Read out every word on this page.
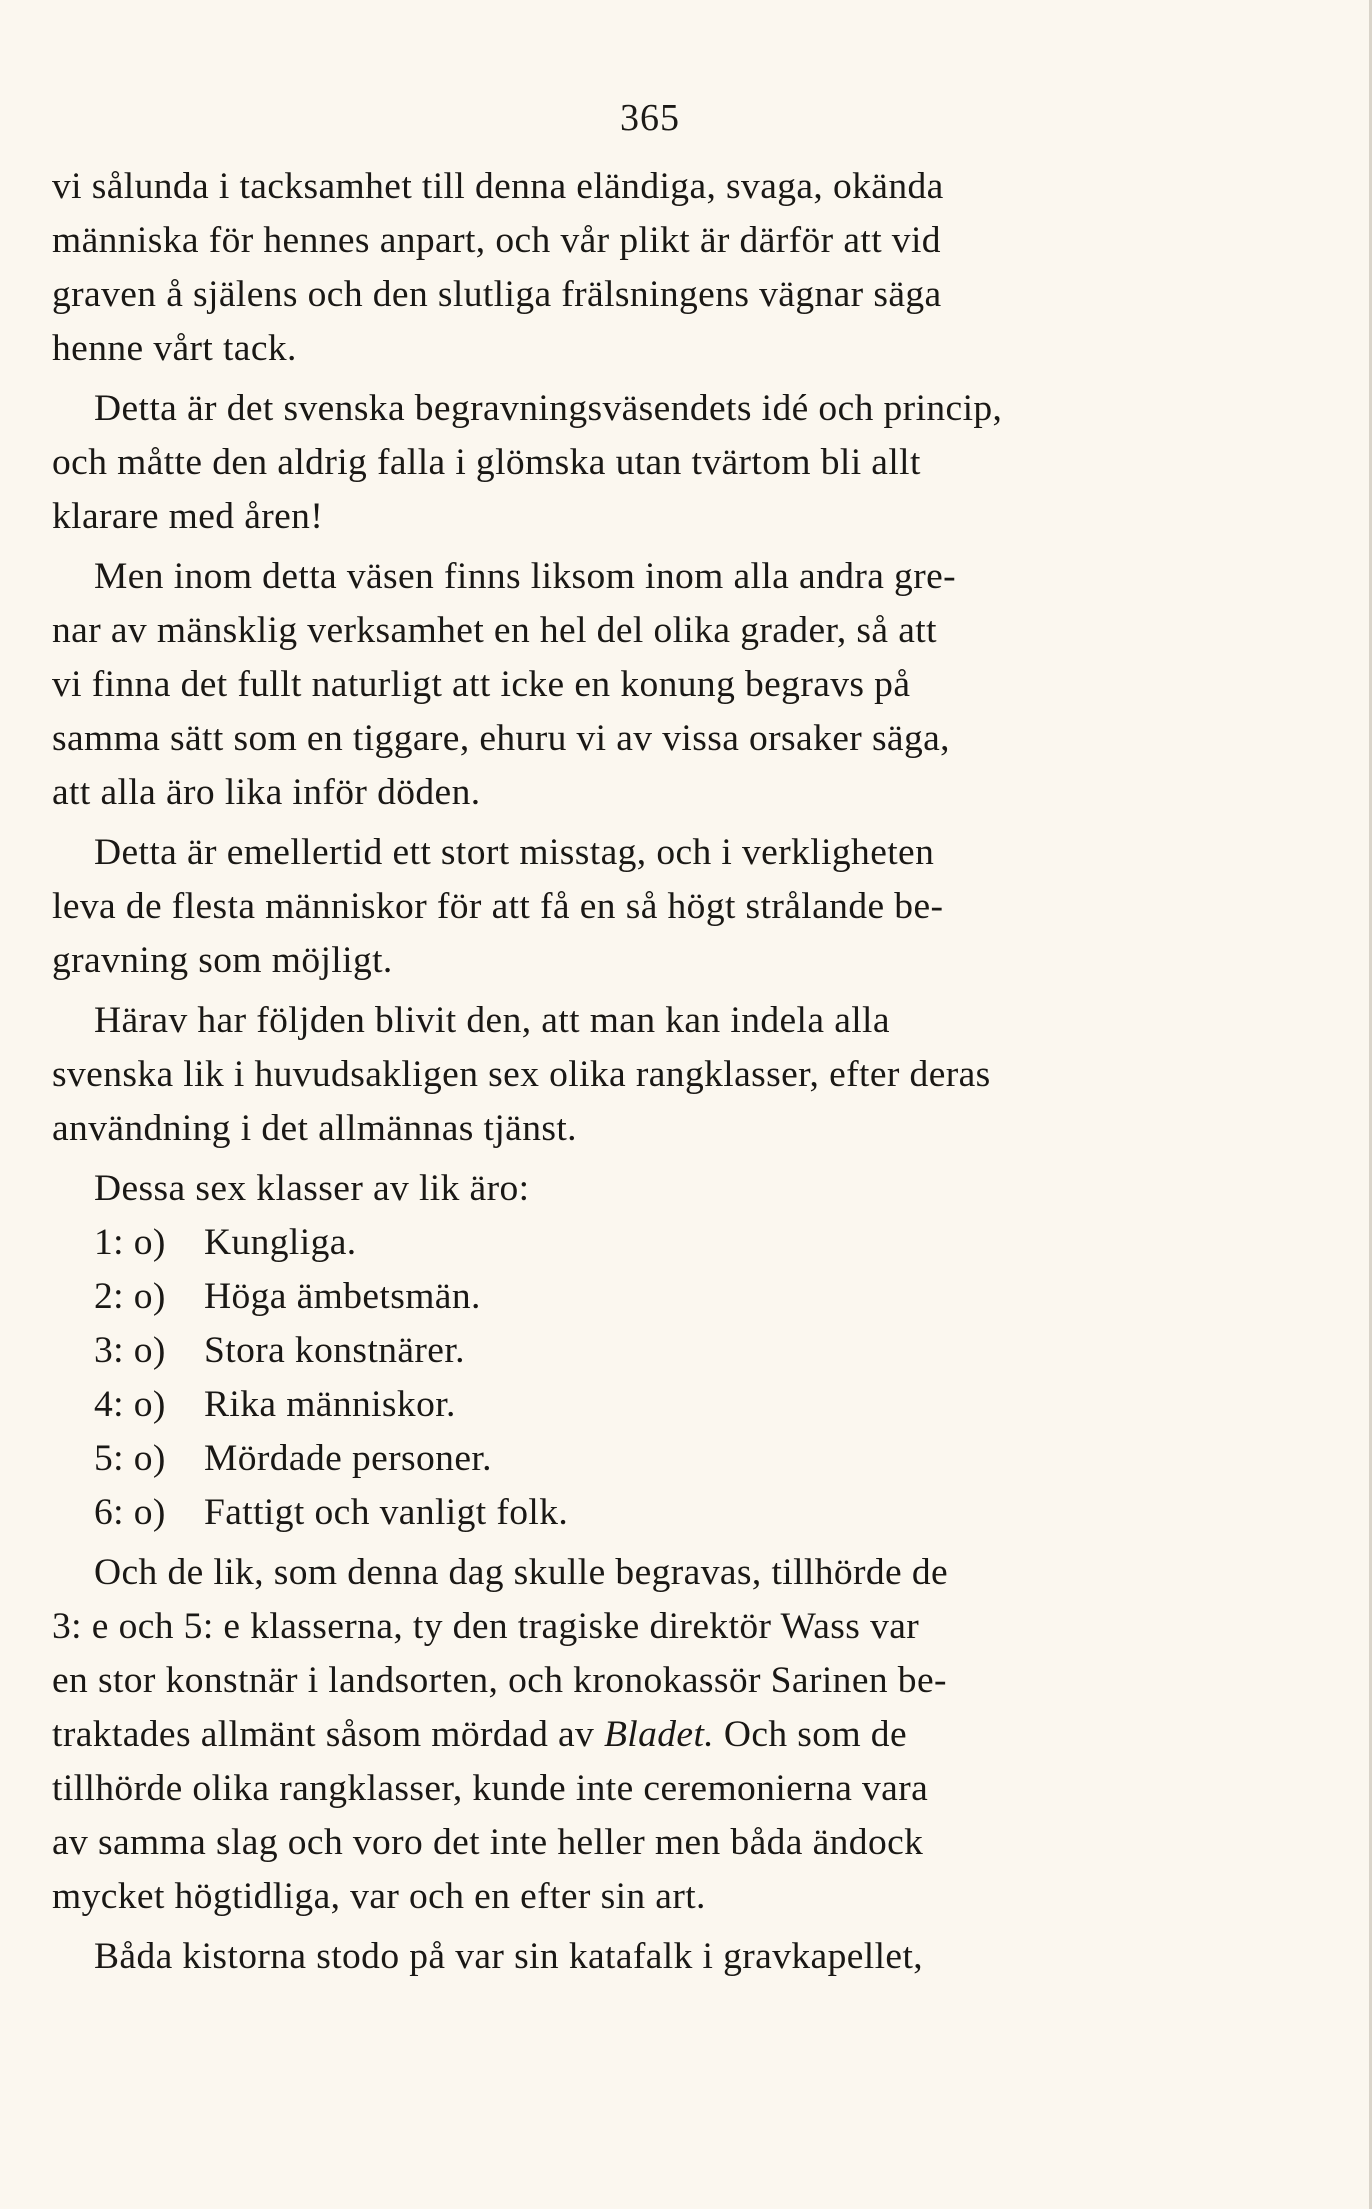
365
vi sålunda i tacksamhet till denna eländiga, svaga, okända
människa för hennes anpart, och vår plikt är därför att vid
graven å själens och den slutliga frälsningens vägnar säga
henne vårt tack.
Detta är det svenska begravningsväsendets idé och princip,
och måtte den aldrig falla i glömska utan tvärtom bli allt
klarare med åren!
Men inom detta väsen finns liksom inom alla andra gre-
nar av mänsklig verksamhet en hel del olika grader, så att
vi finna det fullt naturligt att icke en konung begravs på
samma sätt som en tiggare, ehuru vi av vissa orsaker säga,
att alla äro lika inför döden.
Detta är emellertid ett stort misstag, och i verkligheten
leva de flesta människor för att få en så högt strålande be-
gravning som möjligt.
Härav har följden blivit den, att man kan indela alla
svenska lik i huvudsakligen sex olika rangklasser, efter deras
användning i det allmännas tjänst.
Dessa sex klasser av lik äro:
1: o) Kungliga.
2: o) Höga ämbetsmän.
3: o) Stora konstnärer.
4: o) Rika människor.
5: o) Mördade personer.
6: o) Fattigt och vanligt folk.
Och de lik, som denna dag skulle begravas, tillhörde de
3: e och 5: e klasserna, ty den tragiske direktör Wass var
en stor konstnär i landsorten, och kronokassör Sarinen be-
traktades allmänt såsom mördad av Bladet. Och som de
tillhörde olika rangklasser, kunde inte ceremonierna vara
av samma slag och voro det inte heller men båda ändock
mycket högtidliga, var och en efter sin art.
Båda kistorna stodo på var sin katafalk i gravkapellet,
